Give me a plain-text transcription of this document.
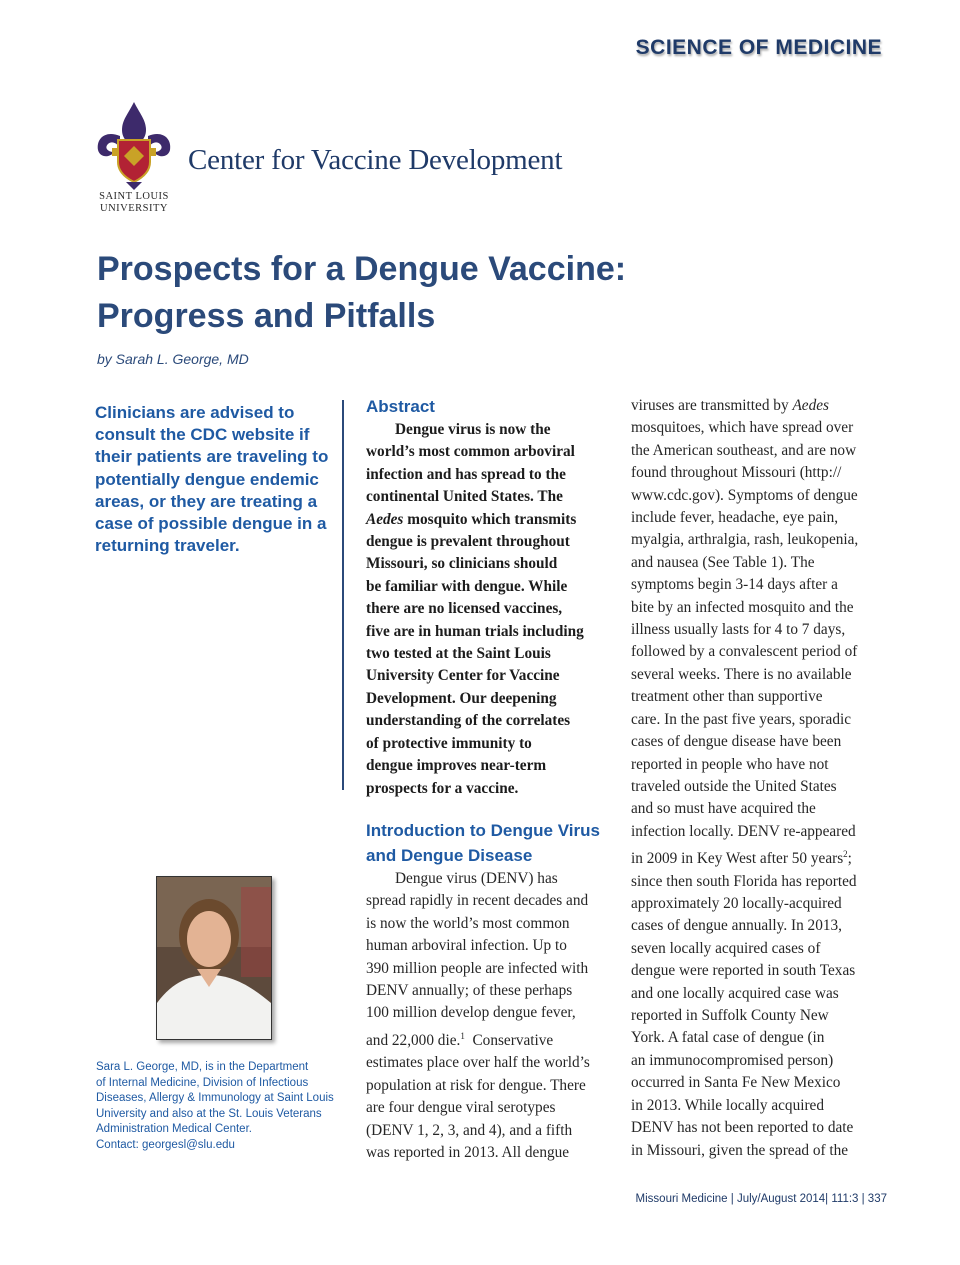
SCIENCE OF MEDICINE
SAINT LOUIS
UNIVERSITY
Center for Vaccine Development
Prospects for a Dengue Vaccine:
Progress and Pitfalls
by Sarah L. George, MD
Clinicians are advised to
consult the CDC website if
their patients are traveling to
potentially dengue endemic
areas, or they are treating a
case of possible dengue in a
returning traveler.
Sara L. George, MD, is in the Department
of Internal Medicine, Division of Infectious
Diseases, Allergy & Immunology at Saint Louis
University and also at the St. Louis Veterans
Administration Medical Center.
Contact: georgesl@slu.edu
Abstract
Dengue virus is now the
world’s most common arboviral
infection and has spread to the
continental United States. The
Aedes mosquito which transmits
dengue is prevalent throughout
Missouri, so clinicians should
be familiar with dengue. While
there are no licensed vaccines,
five are in human trials including
two tested at the Saint Louis
University Center for Vaccine
Development. Our deepening
understanding of the correlates
of protective immunity to
dengue improves near-term
prospects for a vaccine.
Introduction to Dengue Virus
and Dengue Disease
Dengue virus (DENV) has
spread rapidly in recent decades and
is now the world’s most common
human arboviral infection. Up to
390 million people are infected with
DENV annually; of these perhaps
100 million develop dengue fever,
and 22,000 die.$^1$  Conservative
estimates place over half the world’s
population at risk for dengue. There
are four dengue viral serotypes
(DENV 1, 2, 3, and 4), and a fifth
was reported in 2013. All dengue
viruses are transmitted by Aedes
mosquitoes, which have spread over
the American southeast, and are now
found throughout Missouri (http://
www.cdc.gov). Symptoms of dengue
include fever, headache, eye pain,
myalgia, arthralgia, rash, leukopenia,
and nausea (See Table 1). The
symptoms begin 3-14 days after a
bite by an infected mosquito and the
illness usually lasts for 4 to 7 days,
followed by a convalescent period of
several weeks. There is no available
treatment other than supportive
care. In the past five years, sporadic
cases of dengue disease have been
reported in people who have not
traveled outside the United States
and so must have acquired the
infection locally. DENV re-appeared
in 2009 in Key West after 50 years$^2$;
since then south Florida has reported
approximately 20 locally-acquired
cases of dengue annually. In 2013,
seven locally acquired cases of
dengue were reported in south Texas
and one locally acquired case was
reported in Suffolk County New
York. A fatal case of dengue (in
an immunocompromised person)
occurred in Santa Fe New Mexico
in 2013. While locally acquired
DENV has not been reported to date
in Missouri, given the spread of the
Missouri Medicine | July/August 2014| 111:3 | 337
